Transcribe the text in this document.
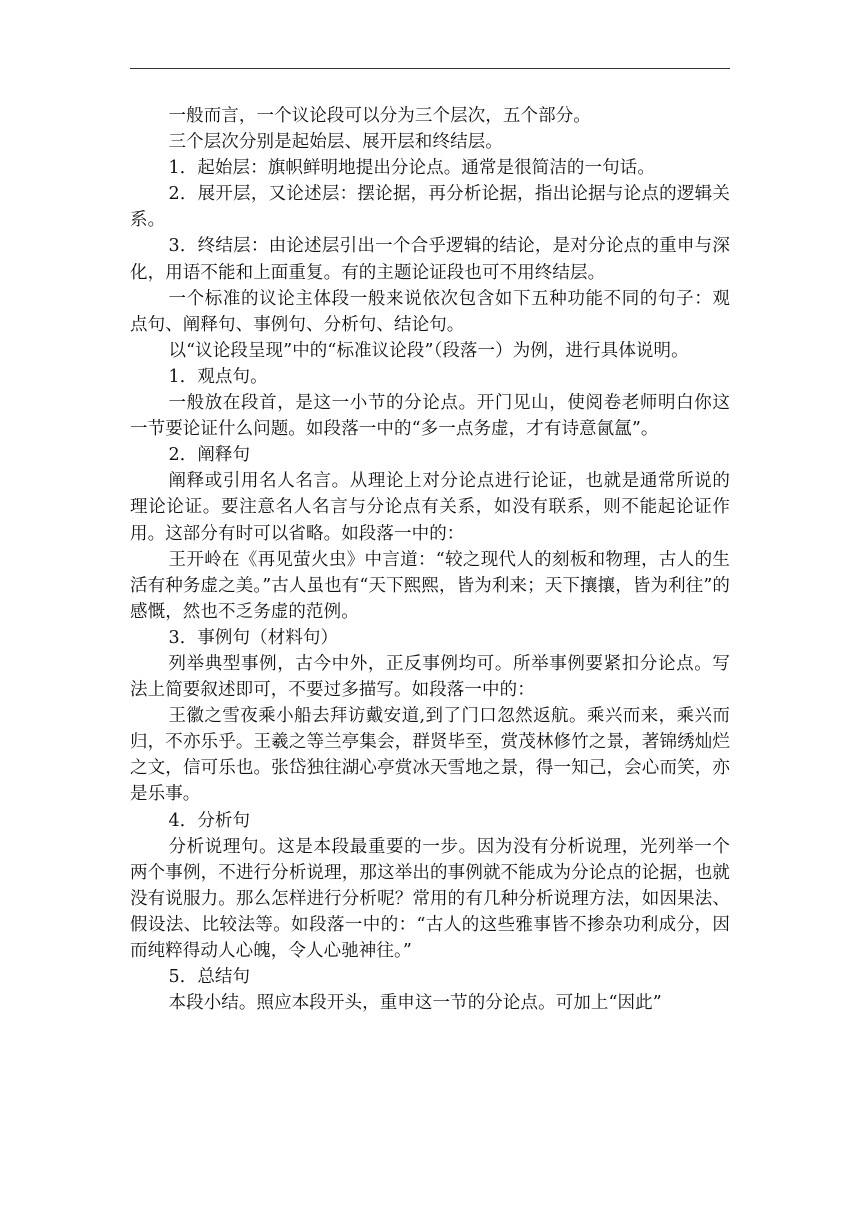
一般而言，一个议论段可以分为三个层次，五个部分。

三个层次分别是起始层、展开层和终结层。

1．起始层：旗帜鲜明地提出分论点。通常是很简洁的一句话。

2．展开层，又论述层：摆论据，再分析论据，指出论据与论点的逻辑关系。

3．终结层：由论述层引出一个合乎逻辑的结论，是对分论点的重申与深化，用语不能和上面重复。有的主题论证段也可不用终结层。

一个标准的议论主体段一般来说依次包含如下五种功能不同的句子：观点句、阐释句、事例句、分析句、结论句。

以“议论段呈现”中的“标准议论段”（段落一）为例，进行具体说明。

1．观点句。

一般放在段首，是这一小节的分论点。开门见山，使阅卷老师明白你这一节要论证什么问题。如段落一中的“多一点务虚，才有诗意氤氲”。

2．阐释句

阐释或引用名人名言。从理论上对分论点进行论证，也就是通常所说的理论论证。要注意名人名言与分论点有关系，如没有联系，则不能起论证作用。这部分有时可以省略。如段落一中的：

王开岭在《再见萤火虫》中言道：“较之现代人的刻板和物理，古人的生活有种务虚之美。”古人虽也有“天下熙熙，皆为利来；天下攘攘，皆为利往”的感慨，然也不乏务虚的范例。

3．事例句（材料句）

列举典型事例，古今中外，正反事例均可。所举事例要紧扣分论点。写法上简要叙述即可，不要过多描写。如段落一中的：

王徽之雪夜乘小船去拜访戴安道,到了门口忽然返航。乘兴而来，乘兴而归，不亦乐乎。王羲之等兰亭集会，群贤毕至，赏茂林修竹之景，著锦绣灿烂之文，信可乐也。张岱独往湖心亭赏冰天雪地之景，得一知己，会心而笑，亦是乐事。

4．分析句

分析说理句。这是本段最重要的一步。因为没有分析说理，光列举一个两个事例，不进行分析说理，那这举出的事例就不能成为分论点的论据，也就没有说服力。那么怎样进行分析呢？常用的有几种分析说理方法，如因果法、假设法、比较法等。如段落一中的：“古人的这些雅事皆不掺杂功利成分，因而纯粹得动人心魄，令人心驰神往。”

5．总结句

本段小结。照应本段开头，重申这一节的分论点。可加上“因此”
